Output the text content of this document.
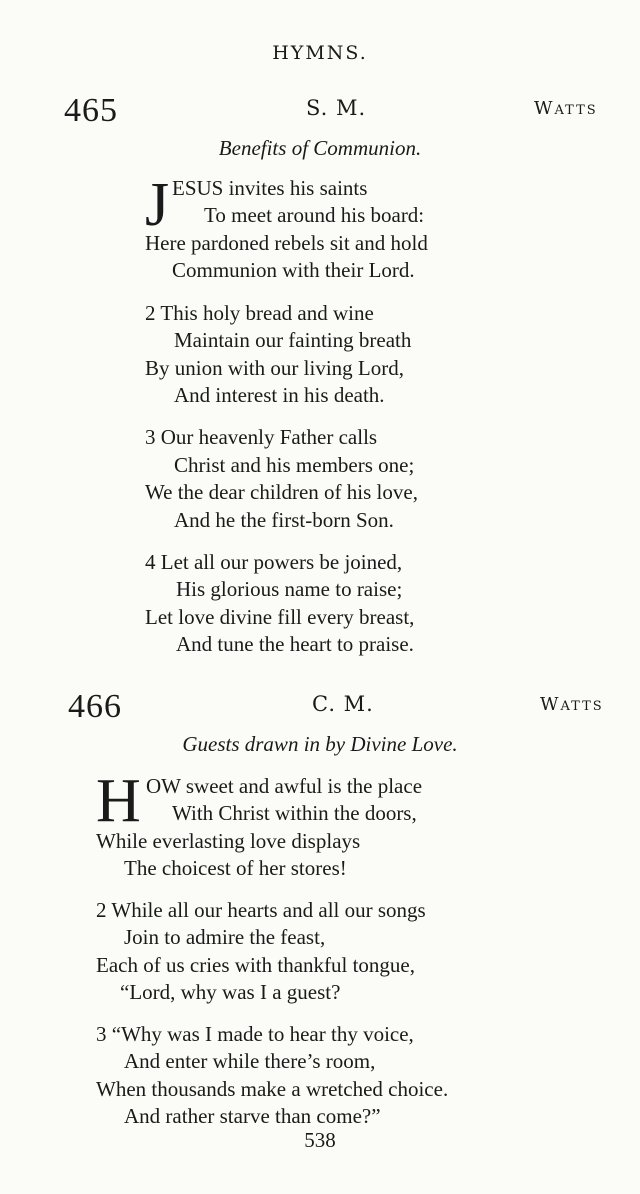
HYMNS.
465	S. M.	Watts
Benefits of Communion.
J ESUS invites his saints
To meet around his board:
Here pardoned rebels sit and hold
Communion with their Lord.
2 This holy bread and wine
Maintain our fainting breath
By union with our living Lord,
And interest in his death.
3 Our heavenly Father calls
Christ and his members one;
We the dear children of his love,
And he the first-born Son.
4 Let all our powers be joined,
His glorious name to raise;
Let love divine fill every breast,
And tune the heart to praise.
466	C. M.	Watts
Guests drawn in by Divine Love.
H OW sweet and awful is the place
With Christ within the doors,
While everlasting love displays
The choicest of her stores!
2 While all our hearts and all our songs
Join to admire the feast,
Each of us cries with thankful tongue,
“Lord, why was I a guest?
3 “Why was I made to hear thy voice,
And enter while there’s room,
When thousands make a wretched choice.
And rather starve than come?”
538
